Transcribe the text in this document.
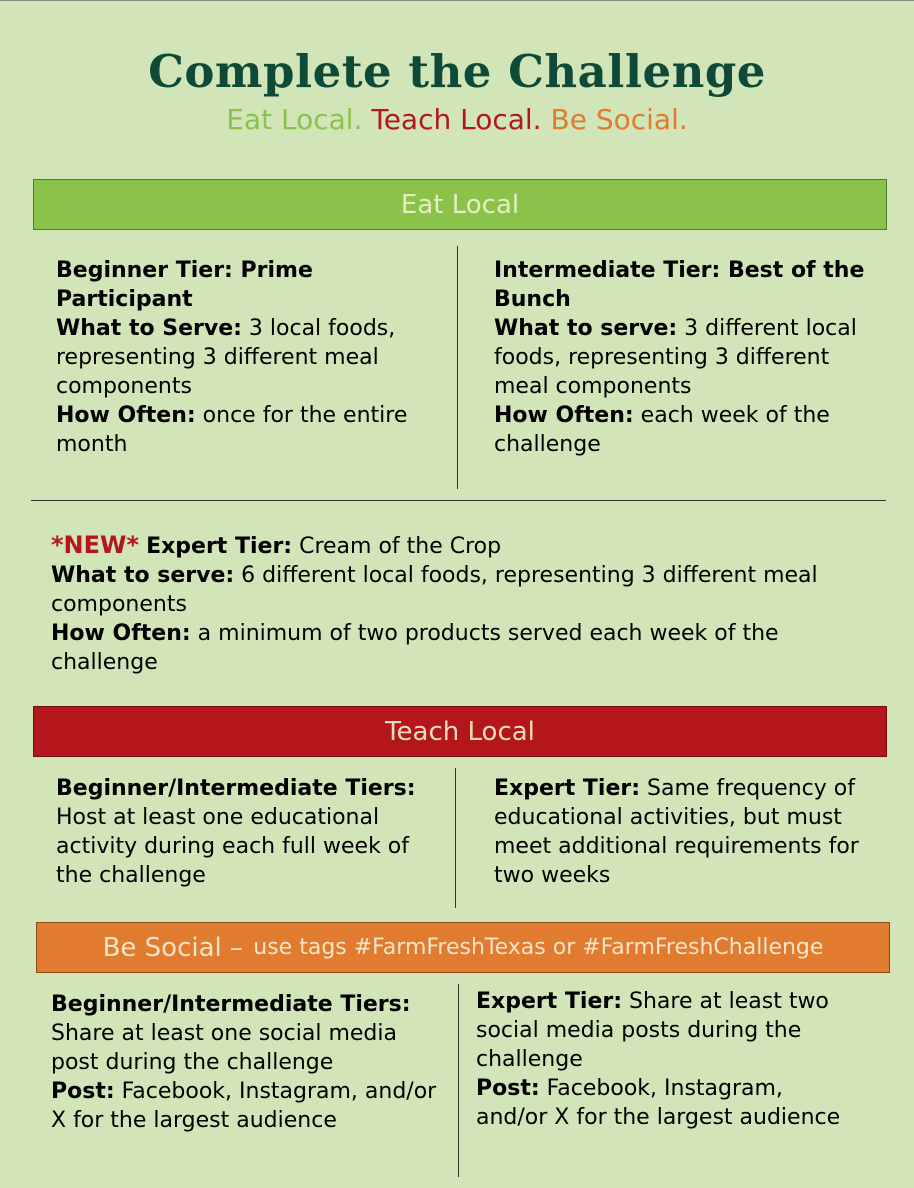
Complete the Challenge
Eat Local. Teach Local. Be Social.
Eat Local

Beginner Tier: Prime Participant

What to Serve: 3 local foods, representing 3 different meal components

How Often: once for the entire month

Intermediate Tier: Best of the Bunch

What to serve: 3 different local foods, representing 3 different meal components

How Often: each week of the challenge

*NEW* Expert Tier: Cream of the Crop

What to serve: 6 different local foods, representing 3 different meal components

How Often: a minimum of two products served each week of the challenge

Teach Local

Beginner/Intermediate Tiers: Host at least one educational activity during each full week of the challenge

Expert Tier: Same frequency of educational activities, but must meet additional requirements for two weeks

Be Social –
use tags #FarmFreshTexas or #FarmFreshChallenge

Beginner/Intermediate Tiers: Share at least one social media post during the challenge

Post: Facebook, Instagram, and/or X for the largest audience

Expert Tier: Share at least two social media posts during the challenge

Post: Facebook, Instagram, and/or X for the largest audience
